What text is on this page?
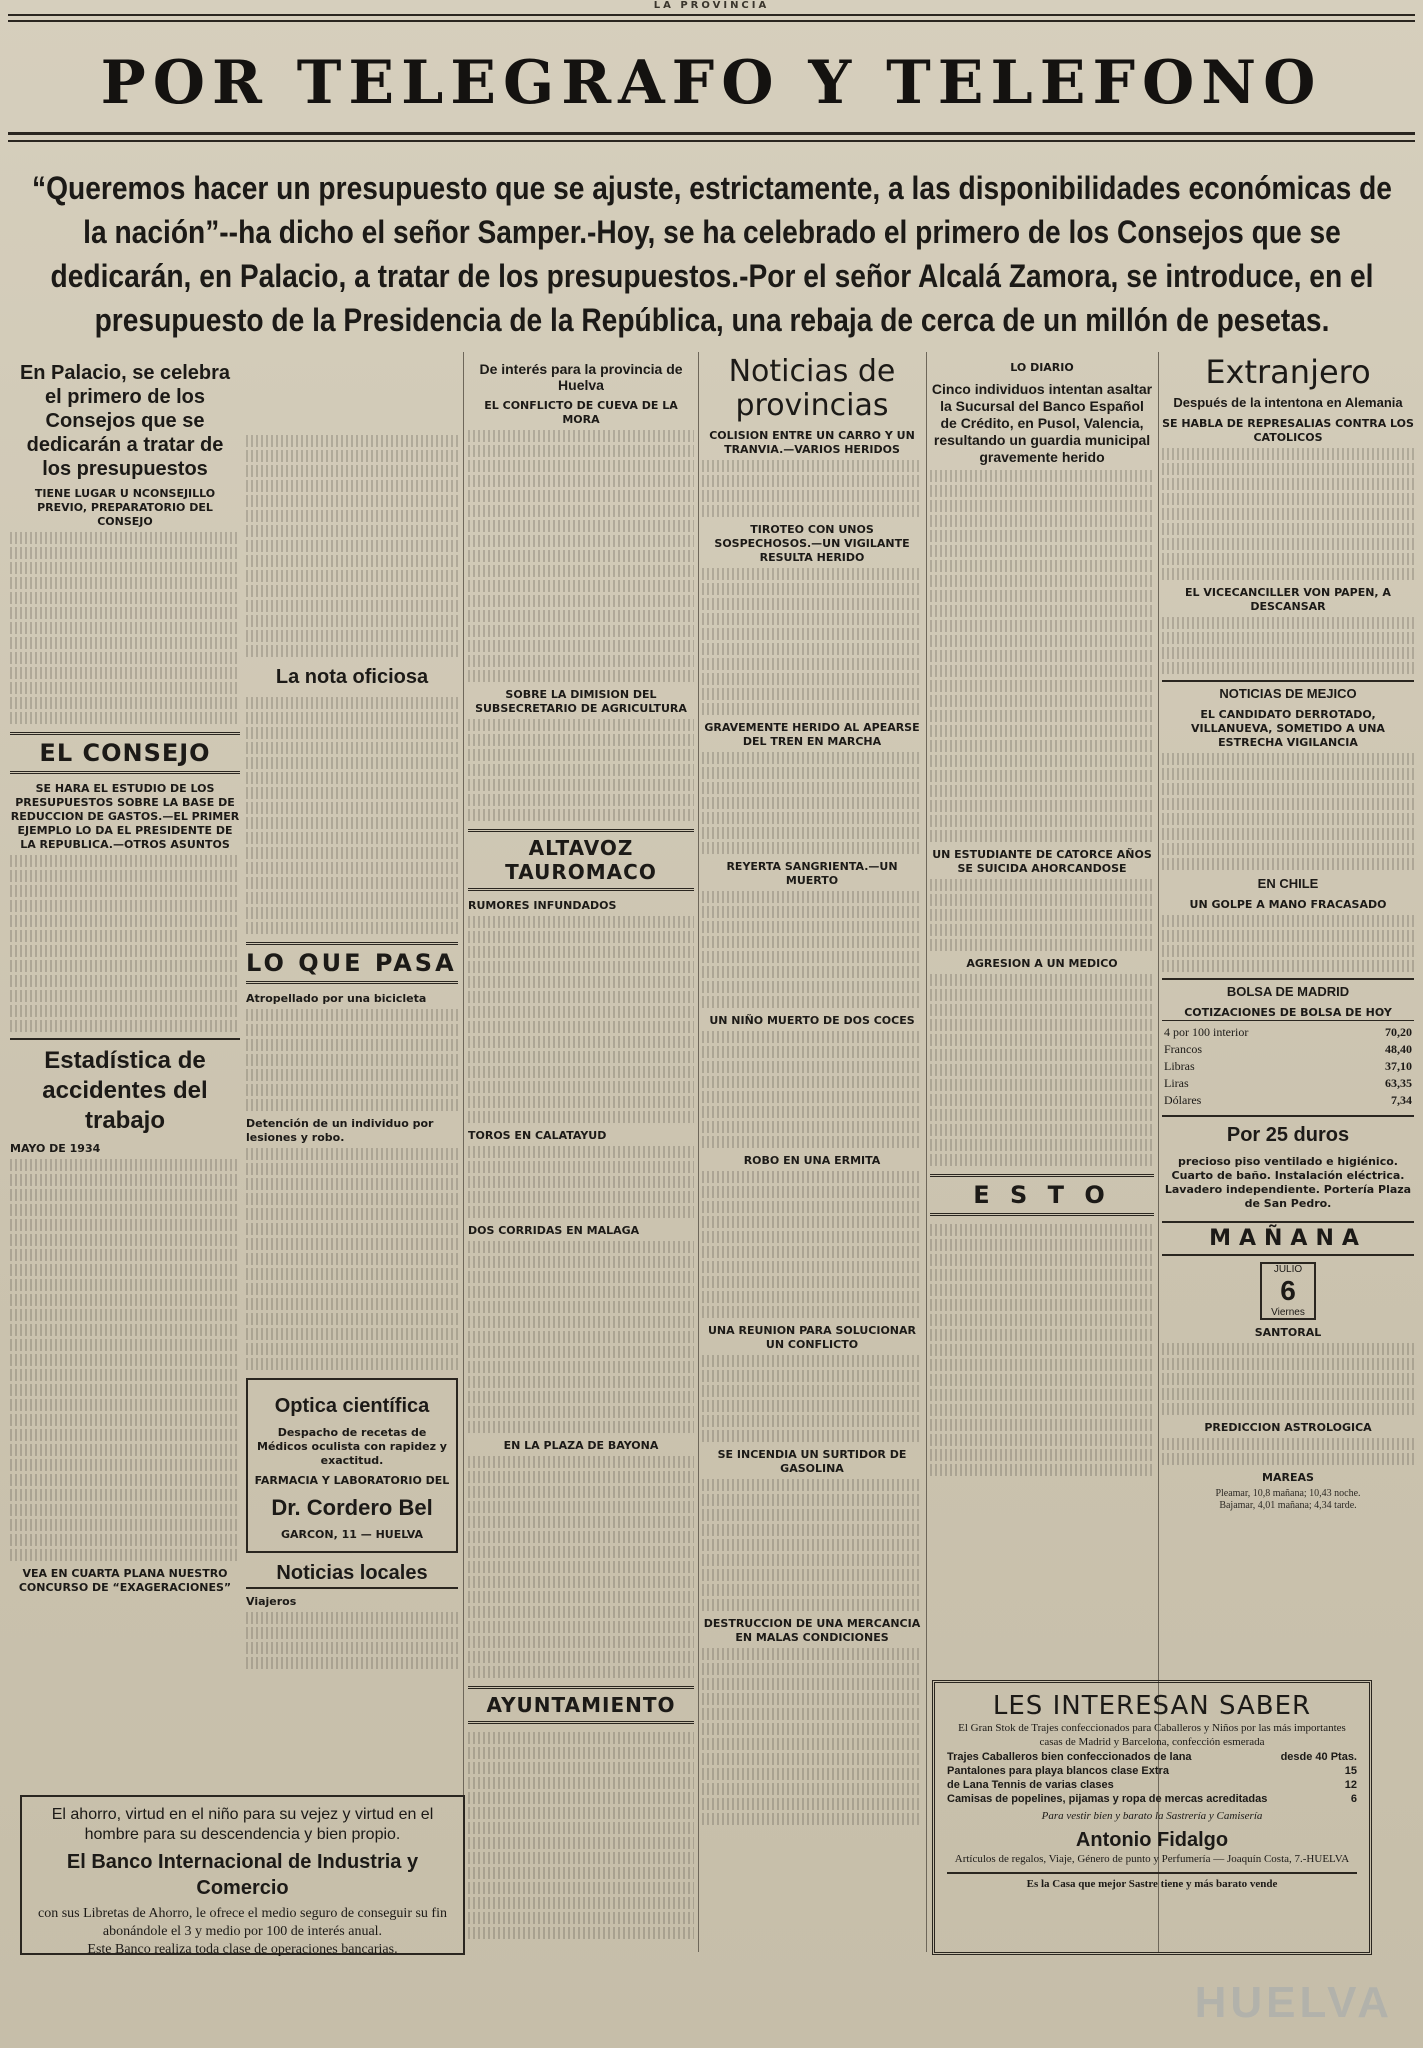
LA PROVINCIA
POR TELEGRAFO Y TELEFONO
“Queremos hacer un presupuesto que se ajuste, estrictamente, a las disponibilidades económicas de la nación”--ha dicho el señor Samper.-Hoy, se ha celebrado el primero de los Consejos que se dedicarán, en Palacio, a tratar de los presupuestos.-Por el señor Alcalá Zamora, se introduce, en el presupuesto de la Presidencia de la República, una rebaja de cerca de un millón de pesetas.
En Palacio, se celebra el primero de los Consejos que se dedicarán a tratar de los presupuestos
TIENE LUGAR U NCONSEJILLO PREVIO, PREPARATORIO DEL CONSEJO
EL CONSEJO
SE HARA EL ESTUDIO DE LOS PRESUPUESTOS SOBRE LA BASE DE REDUCCION DE GASTOS.—EL PRIMER EJEMPLO LO DA EL PRESIDENTE DE LA REPUBLICA.—OTROS ASUNTOS
Estadística de accidentes del trabajo
MAYO DE 1934
VEA EN CUARTA PLANA NUESTRO CONCURSO DE “EXAGERACIONES”
La nota oficiosa
LO QUE PASA
Atropellado por una bicicleta
Detención de un individuo por lesiones y robo.
Optica científica
Despacho de recetas de Médicos oculista con rapidez y exactitud.
FARMACIA Y LABORATORIO DEL
Dr. Cordero Bel
GARCON, 11 — HUELVA
Noticias locales
Viajeros
De interés para la provincia de Huelva
EL CONFLICTO DE CUEVA DE LA MORA
SOBRE LA DIMISION DEL SUBSECRETARIO DE AGRICULTURA
ALTAVOZ TAUROMACO
RUMORES INFUNDADOS
TOROS EN CALATAYUD
DOS CORRIDAS EN MALAGA
EN LA PLAZA DE BAYONA
AYUNTAMIENTO
Noticias de provincias
COLISION ENTRE UN CARRO Y UN TRANVIA.—VARIOS HERIDOS
TIROTEO CON UNOS SOSPECHOSOS.—UN VIGILANTE RESULTA HERIDO
GRAVEMENTE HERIDO AL APEARSE DEL TREN EN MARCHA
REYERTA SANGRIENTA.—UN MUERTO
UN NIÑO MUERTO DE DOS COCES
ROBO EN UNA ERMITA
UNA REUNION PARA SOLUCIONAR UN CONFLICTO
SE INCENDIA UN SURTIDOR DE GASOLINA
DESTRUCCION DE UNA MERCANCIA EN MALAS CONDICIONES
LO DIARIO
Cinco individuos intentan asaltar la Sucursal del Banco Español de Crédito, en Pusol, Valencia, resultando un guardia municipal gravemente herido
UN ESTUDIANTE DE CATORCE AÑOS SE SUICIDA AHORCANDOSE
AGRESION A UN MEDICO
E S T O
Extranjero
Después de la intentona en Alemania
SE HABLA DE REPRESALIAS CONTRA LOS CATOLICOS
EL VICECANCILLER VON PAPEN, A DESCANSAR
NOTICIAS DE MEJICO
EL CANDIDATO DERROTADO, VILLANUEVA, SOMETIDO A UNA ESTRECHA VIGILANCIA
EN CHILE
UN GOLPE A MANO FRACASADO
BOLSA DE MADRID
COTIZACIONES DE BOLSA DE HOY
4 por 100 interior	70,20
Francos	48,40
Libras	37,10
Liras	63,35
Dólares	7,34
Por 25 duros
precioso piso ventilado e higiénico. Cuarto de baño. Instalación eléctrica. Lavadero independiente. Portería Plaza de San Pedro.
MAÑANA
JULIO
6
Viernes
SANTORAL
PREDICCION ASTROLOGICA
MAREAS
Pleamar, 10,8 mañana; 10,43 noche.
Bajamar, 4,01 mañana; 4,34 tarde.
El ahorro, virtud en el niño para su vejez y virtud en el hombre para su descendencia y bien propio.
El Banco Internacional de Industria y Comercio
con sus Libretas de Ahorro, le ofrece el medio seguro de conseguir su fin abonándole el 3 y medio por 100 de interés anual.
Este Banco realiza toda clase de operaciones bancarias.
LES INTERESAN SABER
El Gran Stok de Trajes confeccionados para Caballeros y Niños por las más importantes casas de Madrid y Barcelona, confección esmerada
Trajes Caballeros bien confeccionados de lana	desde 40 Ptas.
Pantalones para playa blancos clase Extra	15
de Lana Tennis de varias clases	12
Camisas de popelines, pijamas y ropa de mercas acreditadas	6
Para vestir bien y barato la Sastrería y Camisería
Antonio Fidalgo
Artículos de regalos, Viaje, Género de punto y Perfumería — Joaquín Costa, 7.-HUELVA
Es la Casa que mejor Sastre tiene y más barato vende
HUELVA
